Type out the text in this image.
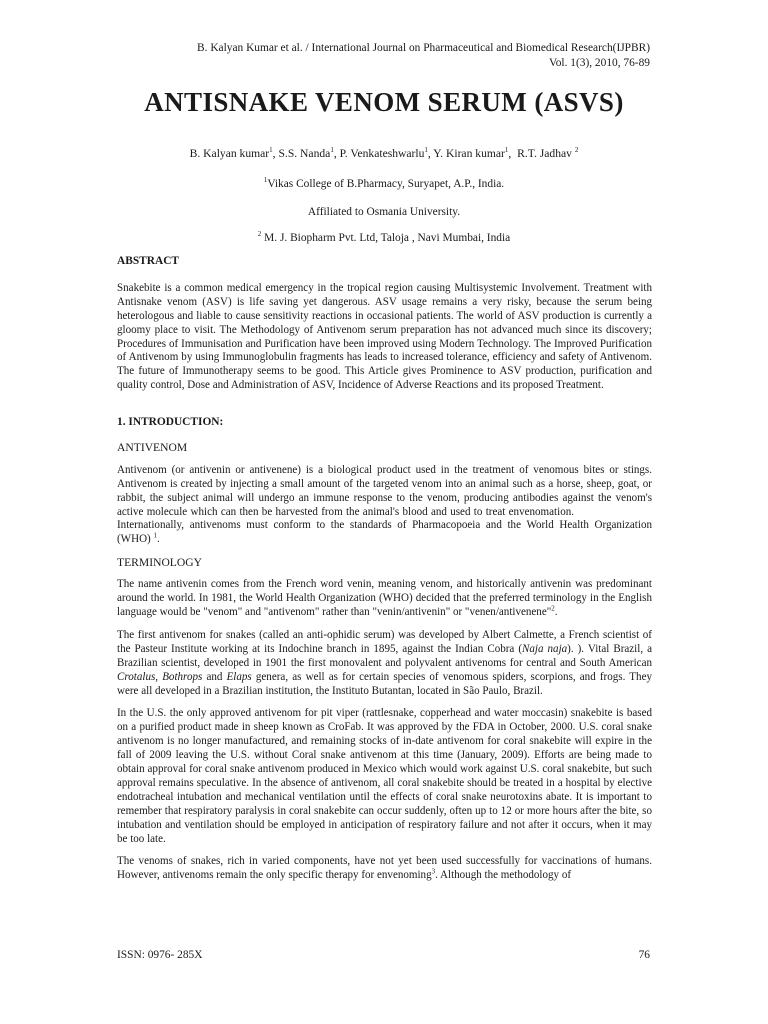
B. Kalyan Kumar et al. / International Journal on Pharmaceutical and Biomedical Research(IJPBR)
Vol. 1(3), 2010, 76-89
ANTISNAKE VENOM SERUM (ASVS)
B. Kalyan kumar$^1$, S.S. Nanda$^1$, P. Venkateshwarlu$^1$, Y. Kiran kumar$^1$,  R.T. Jadhav $^2$
$^1$Vikas College of B.Pharmacy, Suryapet, A.P., India.
Affiliated to Osmania University.
$^2$ M. J. Biopharm Pvt. Ltd, Taloja , Navi Mumbai, India

ABSTRACT

Snakebite is a common medical emergency in the tropical region causing Multisystemic Involvement. Treatment with Antisnake venom (ASV) is life saving yet dangerous. ASV usage remains a very risky, because the serum being heterologous and liable to cause sensitivity reactions in occasional patients. The world of ASV production is currently a gloomy place to visit. The Methodology of Antivenom serum preparation has not advanced much since its discovery; Procedures of Immunisation and Purification have been improved using Modern Technology. The Improved Purification of Antivenom by using Immunoglobulin fragments has leads to increased tolerance, efficiency and safety of Antivenom. The future of Immunotherapy seems to be good. This Article gives Prominence to ASV production, purification and quality control, Dose and Administration of ASV, Incidence of Adverse Reactions and its proposed Treatment.

1. INTRODUCTION:

ANTIVENOM

Antivenom (or antivenin or antivenene) is a biological product used in the treatment of venomous bites or stings. Antivenom is created by injecting a small amount of the targeted venom into an animal such as a horse, sheep, goat, or rabbit, the subject animal will undergo an immune response to the venom, producing antibodies against the venom's active molecule which can then be harvested from the animal's blood and used to treat envenomation.Internationally, antivenoms must conform to the standards of Pharmacopoeia and the World Health Organization (WHO) $^1$.

TERMINOLOGY

The name antivenin comes from the French word venin, meaning venom, and historically antivenin was predominant around the world. In 1981, the World Health Organization (WHO) decided that the preferred terminology in the English language would be "venom" and "antivenom" rather than "venin/antivenin" or "venen/antivenene"$^2$.

The first antivenom for snakes (called an anti-ophidic serum) was developed by Albert Calmette, a French scientist of the Pasteur Institute working at its Indochine branch in 1895, against the Indian Cobra (Naja naja). ). Vital Brazil, a Brazilian scientist, developed in 1901 the first monovalent and polyvalent antivenoms for central and South American Crotalus, Bothrops and Elaps genera, as well as for certain species of venomous spiders, scorpions, and frogs. They were all developed in a Brazilian institution, the Instituto Butantan, located in São Paulo, Brazil.

In the U.S. the only approved antivenom for pit viper (rattlesnake, copperhead and water moccasin) snakebite is based on a purified product made in sheep known as CroFab. It was approved by the FDA in October, 2000. U.S. coral snake antivenom is no longer manufactured, and remaining stocks of in-date antivenom for coral snakebite will expire in the fall of 2009 leaving the U.S. without Coral snake antivenom at this time (January, 2009). Efforts are being made to obtain approval for coral snake antivenom produced in Mexico which would work against U.S. coral snakebite, but such approval remains speculative. In the absence of antivenom, all coral snakebite should be treated in a hospital by elective endotracheal intubation and mechanical ventilation until the effects of coral snake neurotoxins abate. It is important to remember that respiratory paralysis in coral snakebite can occur suddenly, often up to 12 or more hours after the bite, so intubation and ventilation should be employed in anticipation of respiratory failure and not after it occurs, when it may be too late.

The venoms of snakes, rich in varied components, have not yet been used successfully for vaccinations of humans. However, antivenoms remain the only specific therapy for envenoming$^3$. Although the methodology of

ISSN: 0976- 285X	76
